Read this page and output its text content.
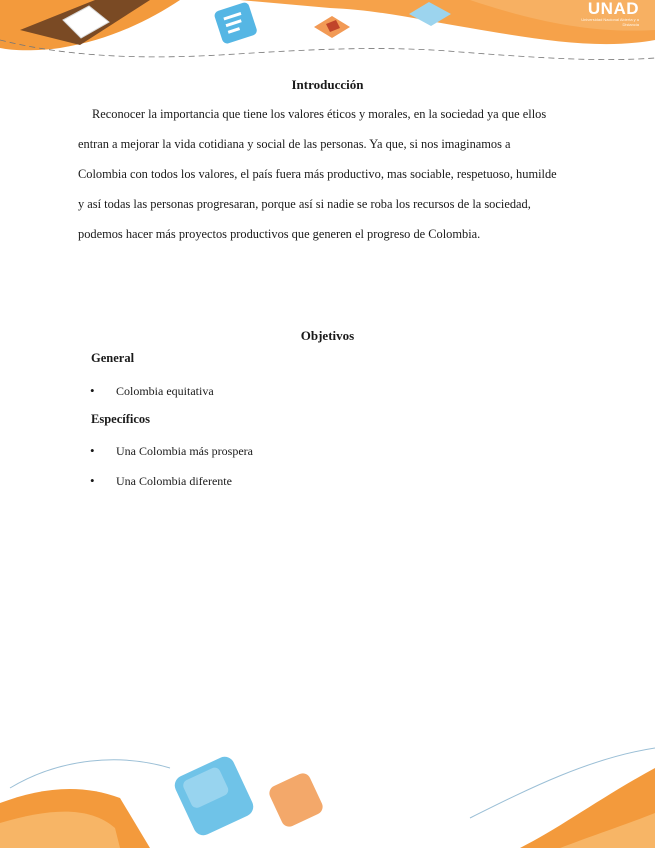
UNAD
Universidad Nacional Abierta y a Distancia
Introducción
Reconocer la importancia que tiene los valores éticos y morales, en la sociedad ya que ellos
entran a mejorar la vida cotidiana y social de las personas. Ya que, si nos imaginamos a
Colombia con todos los valores, el país fuera más productivo, mas sociable, respetuoso, humilde
y así todas las personas progresaran, porque así si nadie se roba los recursos de la sociedad,
podemos hacer más proyectos productivos que generen el progreso de Colombia.
Objetivos
General
• Colombia equitativa
Específicos
• Una Colombia más prospera
• Una Colombia diferente
